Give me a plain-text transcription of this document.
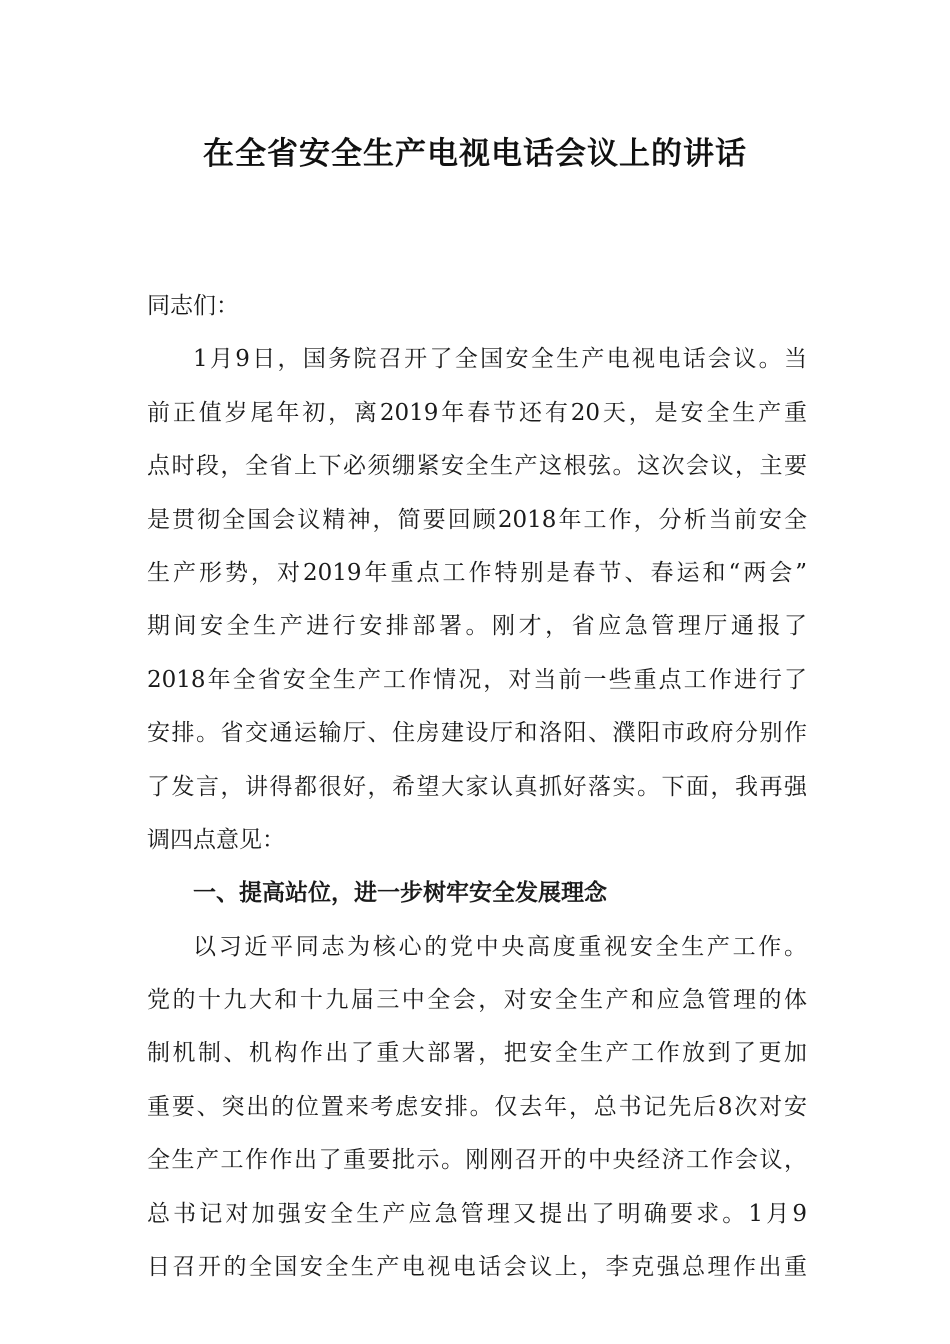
在全省安全生产电视电话会议上的讲话
同志们：
1月9日，国务院召开了全国安全生产电视电话会议。当
前正值岁尾年初，离2019年春节还有20天，是安全生产重
点时段，全省上下必须绷紧安全生产这根弦。这次会议，主要
是贯彻全国会议精神，简要回顾2018年工作，分析当前安全
生产形势，对2019年重点工作特别是春节、春运和“两会”
期间安全生产进行安排部署。刚才，省应急管理厅通报了
2018年全省安全生产工作情况，对当前一些重点工作进行了
安排。省交通运输厅、住房建设厅和洛阳、濮阳市政府分别作
了发言，讲得都很好，希望大家认真抓好落实。下面，我再强
调四点意见：
一、提高站位，进一步树牢安全发展理念
以习近平同志为核心的党中央高度重视安全生产工作。
党的十九大和十九届三中全会，对安全生产和应急管理的体
制机制、机构作出了重大部署，把安全生产工作放到了更加
重要、突出的位置来考虑安排。仅去年，总书记先后8次对安
全生产工作作出了重要批示。刚刚召开的中央经济工作会议，
总书记对加强安全生产应急管理又提出了明确要求。1月9
日召开的全国安全生产电视电话会议上，李克强总理作出重
